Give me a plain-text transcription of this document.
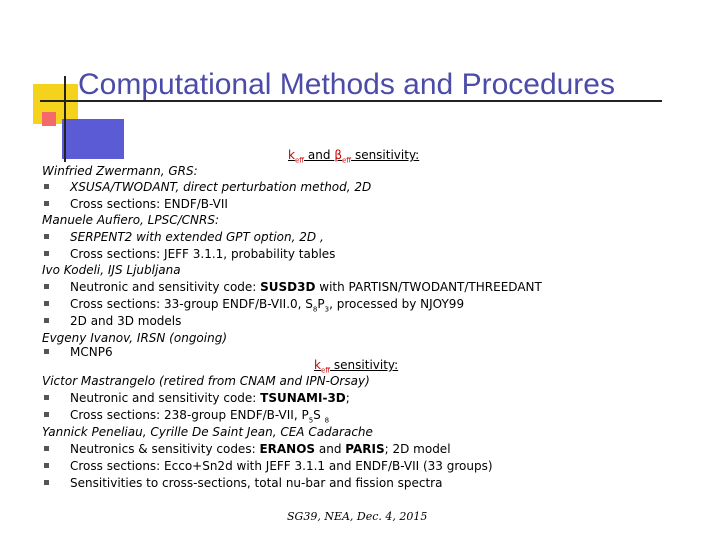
Computational Methods and Procedures
$k_{eff}$ and $\beta_{eff}$ sensitivity:
Winfried Zwermann, GRS:
XSUSA/TWODANT, direct perturbation method, 2D
Cross sections: ENDF/B-VII
Manuele Aufiero, LPSC/CNRS:
SERPENT2 with extended GPT option, 2D ,
Cross sections: JEFF 3.1.1, probability tables
Ivo Kodeli, IJS Ljubljana
Neutronic and sensitivity code: SUSD3D with PARTISN/TWODANT/THREEDANT
Cross sections: 33-group ENDF/B-VII.0, $S_8P_3$, processed by NJOY99
2D and 3D models
Evgeny Ivanov, IRSN (ongoing)
MCNP6
$k_{eff}$ sensitivity:
Victor Mastrangelo (retired from CNAM and IPN-Orsay)
Neutronic and sensitivity code: TSUNAMI-3D;
Cross sections: 238-group ENDF/B-VII, $P_5S$ $_8$
Yannick Peneliau, Cyrille De Saint Jean, CEA Cadarache
Neutronics & sensitivity codes: ERANOS and PARIS; 2D model
Cross sections: Ecco+Sn2d with JEFF 3.1.1 and ENDF/B-VII (33 groups)
Sensitivities to cross-sections, total nu-bar and fission spectra
SG39, NEA, Dec. 4, 2015
